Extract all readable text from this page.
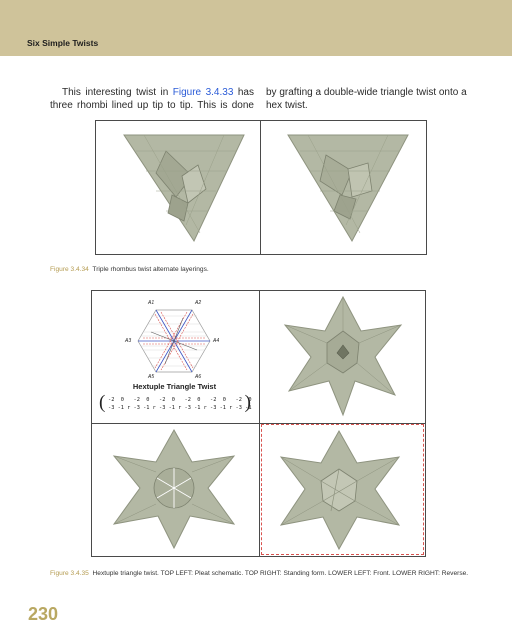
Six Simple Twists
This interesting twist in Figure 3.4.33 has three rhombi lined up tip to tip. This is done
by grafting a double-wide triangle twist onto a hex twist.
Figure 3.4.34 Triple rhombus twist alternate layerings.
A1	A2
A3	A4
A5	A6
Hextuple Triangle Twist
( -2  0   -2  0   -2  0   -2  0   -2  0   -2  0
-3 -1 r -3 -1 r -3 -1 r -3 -1 r -3 -1 r -3 -1
)
Figure 3.4.35 Hextuple triangle twist. TOP LEFT: Pleat schematic. TOP RIGHT: Standing form. LOWER LEFT: Front. LOWER RIGHT: Reverse.
230
